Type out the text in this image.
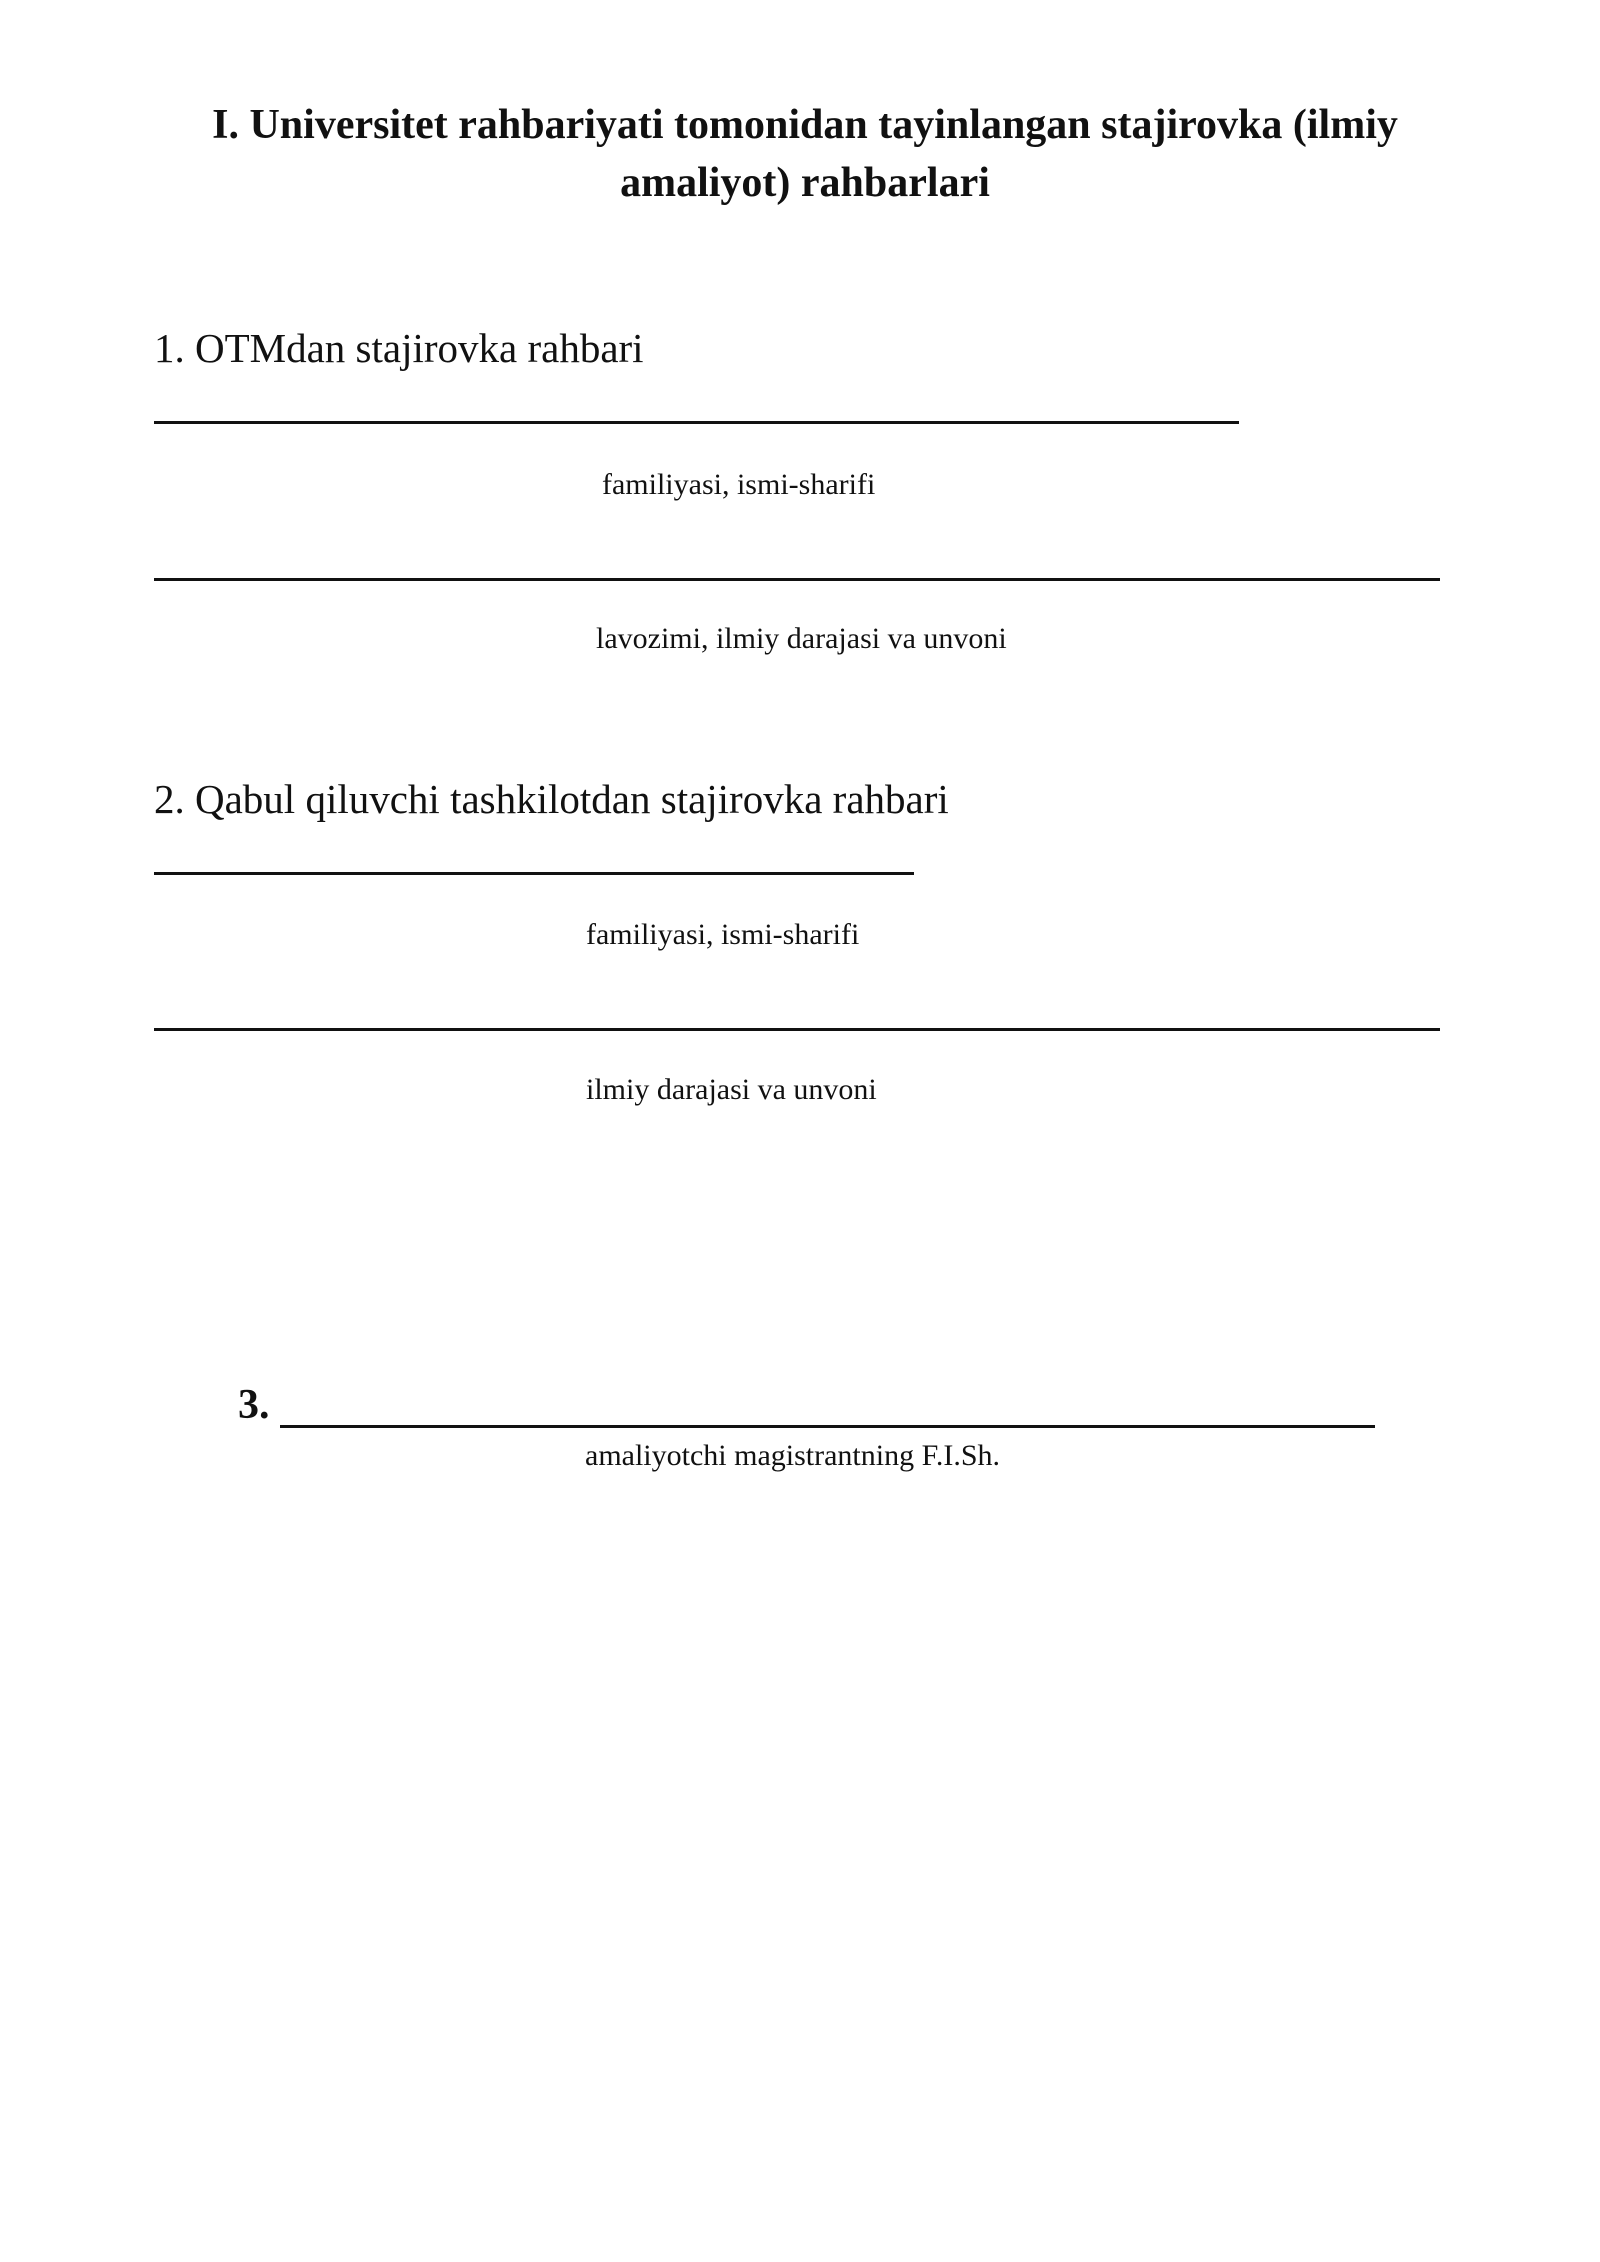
I. Universitet rahbariyati tomonidan tayinlangan stajirovka (ilmiy amaliyot) rahbarlari
1. OTMdan stajirovka rahbari
familiyasi, ismi-sharifi
lavozimi, ilmiy darajasi va unvoni
2. Qabul qiluvchi tashkilotdan stajirovka rahbari
familiyasi, ismi-sharifi
ilmiy darajasi va unvoni
3.
amaliyotchi magistrantning F.I.Sh.
